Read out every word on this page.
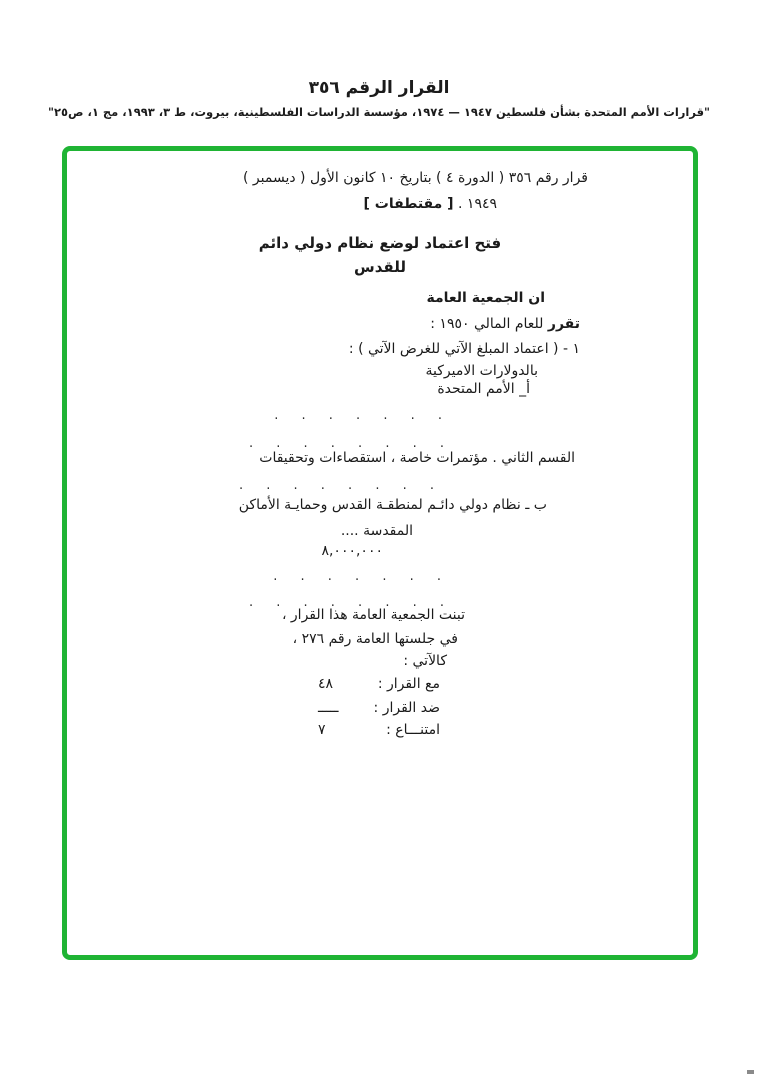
القرار الرقم ٣٥٦
"قرارات الأمم المتحدة بشأن فلسطين ١٩٤٧ — ١٩٧٤، مؤسسة الدراسات الفلسطينية، بيروت، ط ٣، ١٩٩٣، مج ١، ص٢٥"
قرار رقم ٣٥٦ ( الدورة ٤ ) بتاريخ ١٠ كانون الأول ( ديسمبر )
١٩٤٩ . [ مقتطفات ]
فتح اعتماد لوضع نظام دولي دائم
للقدس
ان الجمعية العامة
تقرر للعام المالي ١٩٥٠ :
١ - ( اعتماد المبلغ الآتي للغرض الآتي ) :
بالدولارات الاميركية
أ_ الأمم المتحدة
. . . . . . .
. . . . . . . .
القسم الثاني . مؤتمرات خاصة ، استقصاءات وتحقيقات
. . . . . . . .
ب ـ نظام دولي دائـم لمنطقـة القدس وحمايـة الأماكن
المقدسة ....
٨,٠٠٠,٠٠٠
. . . . . . .
. . . . . . . .
تبنت الجمعية العامة هذا القرار ،
في جلستها العامة رقم ٢٧٦ ،
كالآتي :
مع القرار :
٤٨
ضد القرار :
ـــــ
امتنـــاع :
٧
